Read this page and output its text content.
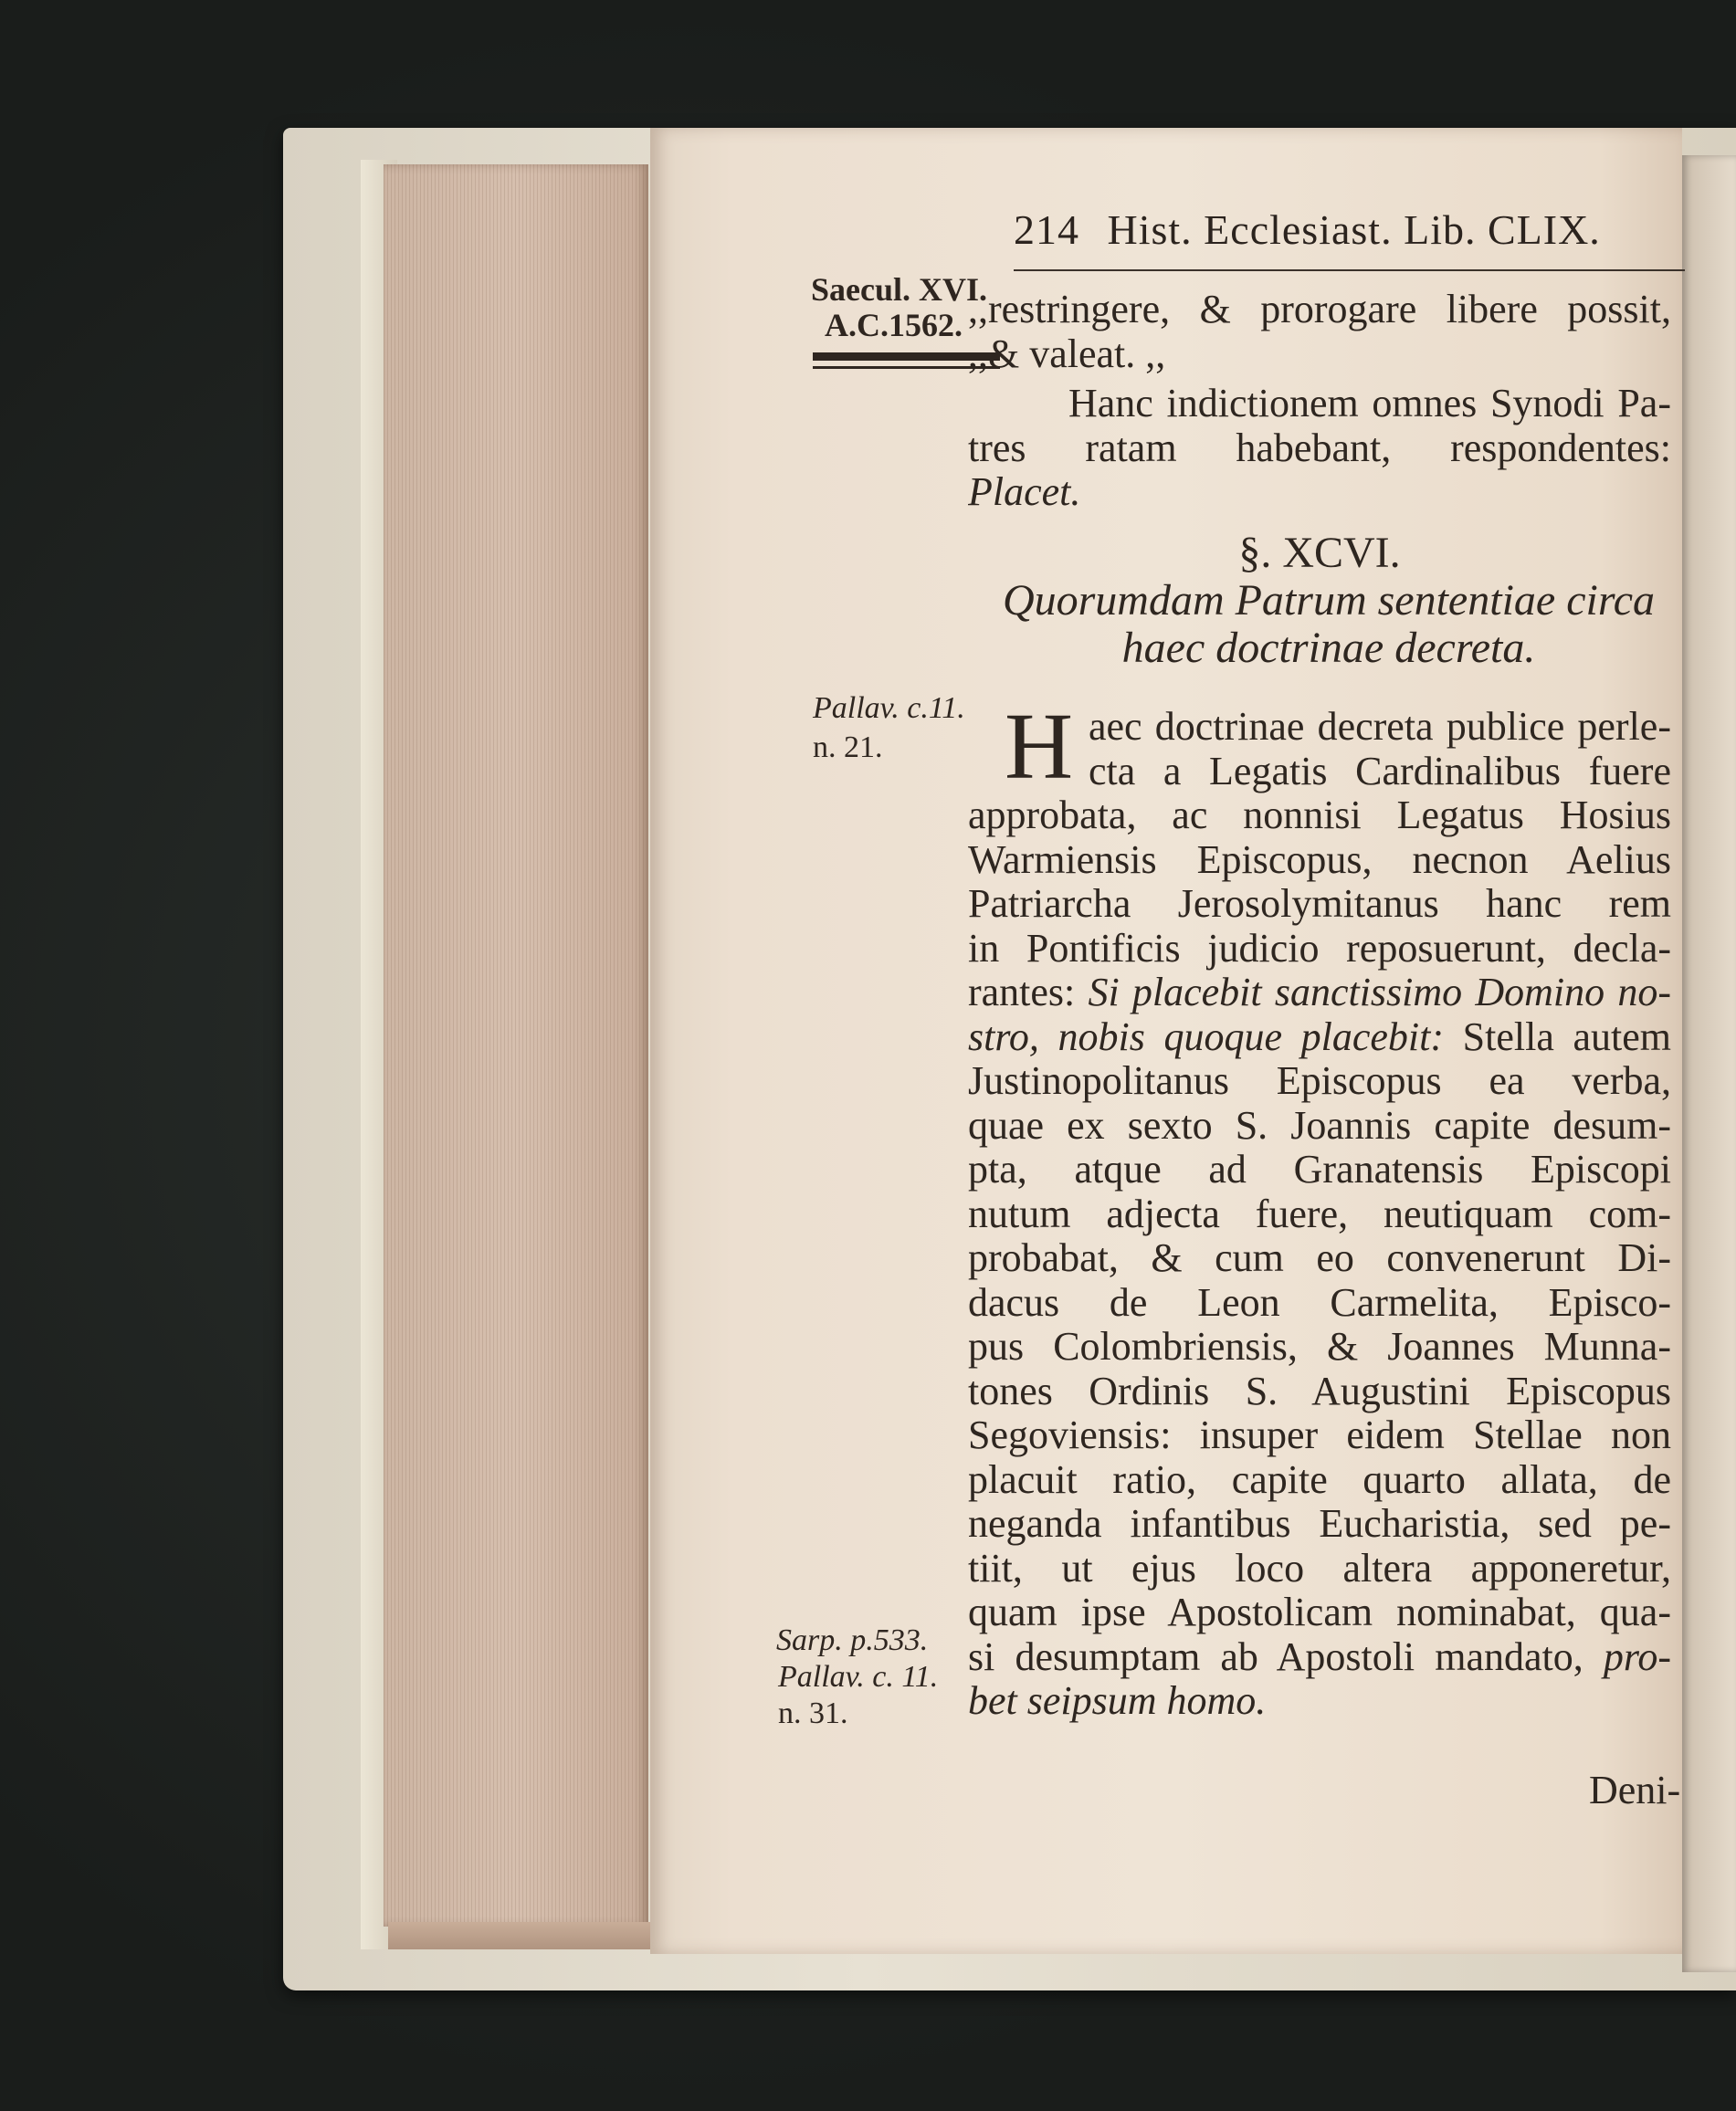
214 Hist. Ecclesiast. Lib. CLIX.
Saecul. XVI.
A.C.1562.
Pallav. c.11.
n. 21.
Sarp. p.533.
Pallav. c. 11.
n. 31.
,,restringere, & prorogare libere possit,
,,& valeat. ,,
Hanc indictionem omnes Synodi Pa-
tres ratam habebant, respondentes:
Placet.
§. XCVI.
Quorumdam Patrum sententiae circa
haec doctrinae decreta.
H aec doctrinae decreta publice perle-
cta a Legatis Cardinalibus fuere
approbata, ac nonnisi Legatus Hosius
Warmiensis Episcopus, necnon Aelius
Patriarcha Jerosolymitanus hanc rem
in Pontificis judicio reposuerunt, decla-
rantes: Si placebit sanctissimo Domino no-
stro, nobis quoque placebit: Stella autem
Justinopolitanus Episcopus ea verba,
quae ex sexto S. Joannis capite desum-
pta, atque ad Granatensis Episcopi
nutum adjecta fuere, neutiquam com-
probabat, & cum eo convenerunt Di-
dacus de Leon Carmelita, Episco-
pus Colombriensis, & Joannes Munna-
tones Ordinis S. Augustini Episcopus
Segoviensis: insuper eidem Stellae non
placuit ratio, capite quarto allata, de
neganda infantibus Eucharistia, sed pe-
tiit, ut ejus loco altera apponeretur,
quam ipse Apostolicam nominabat, qua-
si desumptam ab Apostoli mandato, pro-
bet seipsum homo.
Deni-
